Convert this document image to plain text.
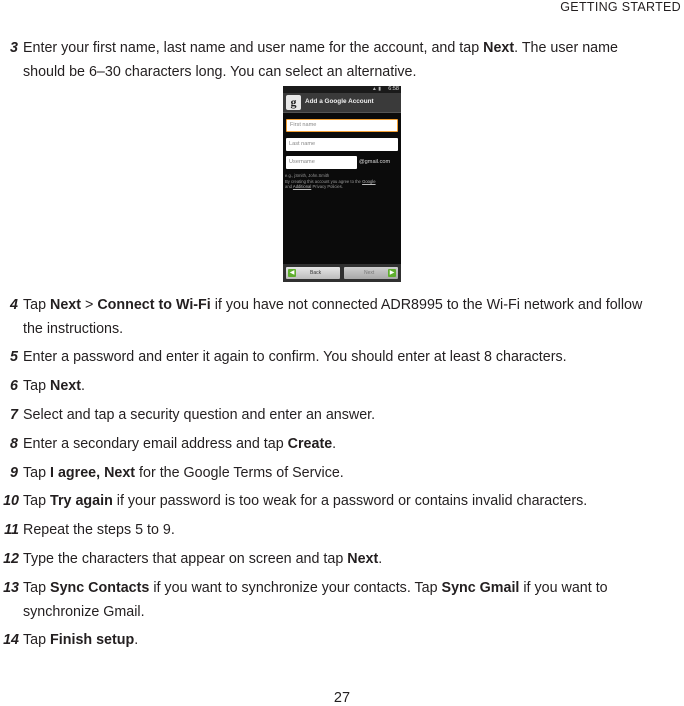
GETTING STARTED
3 Enter your first name, last name and user name for the account, and tap Next. The user name
should be 6–30 characters long. You can select an alternative.
4 Tap Next > Connect to Wi-Fi if you have not connected ADR8995 to the Wi-Fi network and follow
the instructions.
5 Enter a password and enter it again to confirm. You should enter at least 8 characters.
6 Tap Next.
7 Select and tap a security question and enter an answer.
8 Enter a secondary email address and tap Create.
9 Tap I agree, Next for the Google Terms of Service.
10 Tap Try again if your password is too weak for a password or contains invalid characters.
11 Repeat the steps 5 to 9.
12 Type the characters that appear on screen and tap Next.
13 Tap Sync Contacts if you want to synchronize your contacts. Tap Sync Gmail if you want to
synchronize Gmail.
14 Tap Finish setup.
▲ ▮ 6:58
g	Add a Google Account
First name
Last name
Username	@gmail.com
e.g., jSmith, John.Smith
By creating this account you agree to the Google
and Additional Privacy Policies.
◀	Back	Next	▶
27
